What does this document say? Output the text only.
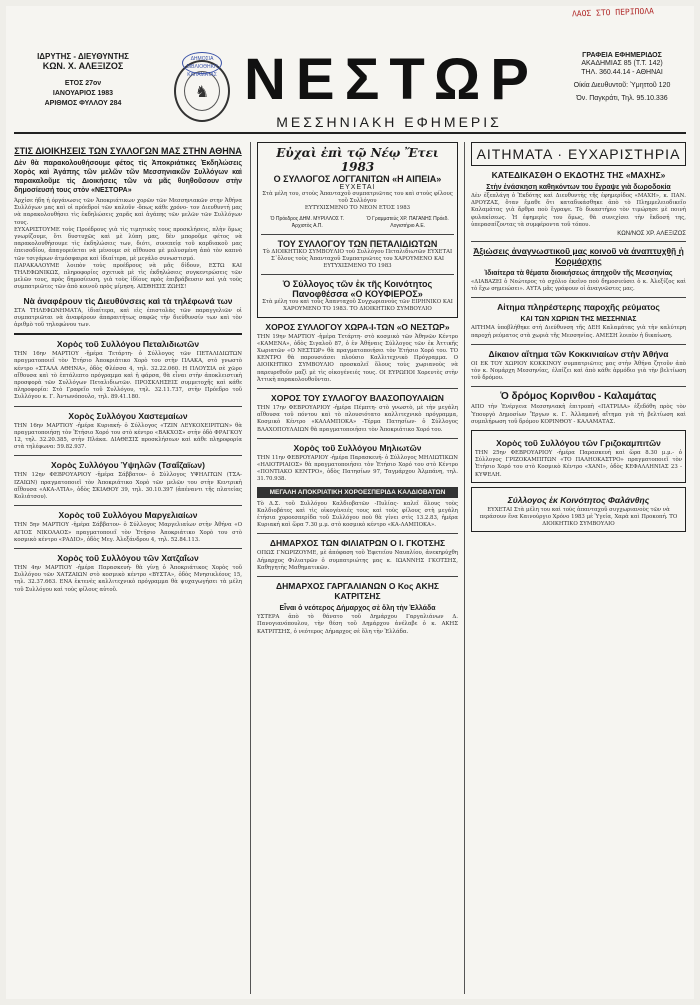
ΛΑΟΣ ΣΤΟ ΠΕΡΙΠΟΛΑ
ΙΔΡΥΤΗΣ - ΔΙΕΥΘΥΝΤΗΣ
ΚΩΝ. Χ. ΑΛΕΞΙΖΟΣ
ΕΤΟΣ 27ον
ΙΑΝΟΥΑΡΙΟΣ 1983
ΑΡΙΘΜΟΣ ΦΥΛΛΟΥ 284
♞
ΔΗΜΟΣΙΑ ΒΙΒΛΙΟΘΗΚΗ ΚΑΛΑΜΑΤΑΣ ΝΕΣΤΩΡ
ΜΕΣΣΗΝΙΑΚΗ ΕΦΗΜΕΡΙΣ
ΓΡΑΦΕΙΑ ΕΦΗΜΕΡΙΔΟΣ
ΑΚΑΔΗΜΙΑΣ 85 (Τ.Τ. 142)
ΤΗΛ. 360.44.14 - ΑΘΗΝΑΙ
Οίκία Διευθυντοῦ: Ὑμηττοῦ 120
Όν. Παγκράτι, Τηλ. 95.10.336
ΣΤΙΣ ΔΙΟΙΚΗΣΕΙΣ ΤΩΝ ΣΥΛΛΟΓΩΝ ΜΑΣ ΣΤΗΝ ΑΘΗΝΑ
Δὲν θὰ παρακολουθήσουμε φέτος τὶς Ἀποκριάτικες Ἐκδηλώσεις Χορὸς καὶ Ἀγάπης τῶν μελῶν τῶν Μεσσηνιακῶν Συλλόγων καὶ παρακαλοῦμε τὶς Διοικήσεις τῶν νὰ μᾶς θυηθοῦσουν στὴν δημοσίευσή τους στὸν «ΝΕΣΤΟΡΑ»

Άρχίσε ήδη ή όργάνωσις τῶν Ἀποκριάτικων χορῶν τῶν Μεσσηνιακῶν στην Ἀθήνα Συλλόγων μας καὶ οἱ πρόεδροί τῶν καλοῦν -ὅπως κάθε χρόνο- τον Διευθυντή μας νὰ παρακολουθήσει τὶς ἐκδηλώσεις χαρᾶς καὶ ἀγάπης τῶν μελῶν τῶν Συλλόγων τους.

ΕΥΧΑΡΙΣΤΟΥΜΕ τοὺς Προέδρους γιὰ τὶς τιμητικὲς τους προσκλήσεις, πλὴν ὅμως γνωρίζουμε, ὅτι δυστυχῶς καὶ μὲ λύπη μας, δὲν μποροῦμε φέτος νὰ παρακολουθήσουμε τὶς ἐκδηλώσεις των, διότι, συνεπείᾳ τοῦ καρδιακοῦ μας ἐπεισοδίου, ἀπαγορεύεται νὰ μένουμε σὲ αἴθουσα μὲ μολυσμένη ἀπὸ τὸν καπνὸ τῶν τσιγάρων ἀτμόσφαιρα καὶ ἰδιαίτερα, μὲ μεγάλο συνωστισμό.

ΠΑΡΑΚΑΛΟΥΜΕ λοιπὸν τοὺς προέδρους νὰ μᾶς δίδουν, ΕΣΤΩ ΚΑΙ ΤΗΛΕΦΩΝΙΚΩΣ, πληροφορίες σχετικὰ μὲ τὶς ἐκδηλώσεις συγκεντρώσεις τῶν μελῶν τους, πρὸς δημοσίευση, γιὰ τοὺς ἰδίους πρὸς ἐπιβράβευσιν καὶ γιὰ τοὺς συμπατριῶτες τῶν ἀπὸ κοινοῦ πρὸς μίμηση. ΑΙΣΘΗΣΙΣ ΖΩΗΣ!

Νὰ ἀναφέρουν τὶς Διευθύνσεις καὶ τὰ τηλέφωνά των

ΣΤΑ ΤΗΛΕΦΩΝΗΜΑΤΑ, ἰδιαίτερα, καὶ εἰς ἐπιστολὰς τῶν παραγγελιῶν οἱ συμπατριῶται νὰ ἀναφέρουν ἀπαραιτήτως σαφῶς τὴν διεύθυνσίν των καὶ τὸν ἀριθμὸ τοῦ τηλεφώνου των.

Χορὸς τοῦ Συλλόγου Πεταλιδιωτῶν

ΤΗΝ 16ην ΜΑΡΤΙΟΥ -ἡμέρα Τετάρτη- ὁ Σύλλογος τῶν ΠΕΤΑΛΙΔΙΩΤΩΝ πραγματοποιεῖ τὸν Ἐτήσιο Ἀποκριάτικο Χορὸ του στὴν ΠΛΑΚΑ, στὸ γνωστὸ κέντρο «ΣΤΑΛΑ ΑΘΗΝΑ», ὁδὸς Φλέσσα 4, τηλ. 32.22.060. Η ΠΛΟΥΣΙΑ σὲ χῶρο αἴθουσα καὶ τὸ ἑπτάλεπτο πρόγραμμα καὶ ἡ φάρσα, θὰ εἶναι στὴν ἀποκλειστικὴ προσφορὰ τῶν Συλλόγων Πεταλιδιωτῶν. ΠΡΟΣΚΛΗΣΕΙΣ συμμετοχῆς καὶ κάθε πληροφορία: Στὸ Γραφεῖο τοῦ Συλλόγου, τηλ. 32.11.737, στὴν Πρόεδρο τοῦ Συλλόγου κ. Γ. Ἀντωνόπουλο, τηλ. 89.41.180.

Χορὸς Συλλόγου Χαστεμαίων

ΤΗΝ 16ην ΜΑΡΤΙΟΥ -ἡμέρα Κυριακή- ὁ Σύλλογος «ΤΖΙΝ ΛΕΥΚΟΧΕΙΡΙΤΩΝ» θὰ πραγματοποιήσῃ τὸν Ἐτήσιο Χορό του στὸ κέντρο «ΒΑΚΧΟΣ» στὴν ὁδὸ ΦΡΑΓΚΟΥ 12, τηλ. 32.20.385, στὴν Πλάκα. ΔΙΑΘΕΣΙΣ προσκλήσεων καὶ κάθε πληροφορία στὰ τηλέφωνα: 59.82.937.

Χορὸς Συλλόγου Ὑψηλῶν (Τσαΐζαϊων)

ΤΗΝ 12ην ΦΕΒΡΟΥΑΡΙΟΥ -ἡμέρα Σάββατον- ὁ Σύλλογος ΥΨΗΛΙΤΩΝ (ΤΣΑ-ΙΖΑΙΩΝ) πραγματοποιεῖ τὸν Ἀποκριάτικο Χορὸ τῶν μελῶν του στὴν Κεντρικὴ αἴθουσα «ΑΚΑ-ΛΤΙΑ», ὁδὸς ΣΚΙΑΘΟΥ 39, τηλ. 30.10.397 (ἀπέναντι τῆς πλατείας Κολιάτσου).

Χορὸς τοῦ Συλλόγου Μαργελιαίων

ΤΗΝ 5ην ΜΑΡΤΙΟΥ -ἡμέρα Σάββατον- ὁ Σύλλογος Μαργελιαίων στὴν Ἀθήνα «Ο ΑΓΙΟΣ ΝΙΚΟΛΑΟΣ» πραγματοποιεῖ τὸν Ἐτήσιο Ἀποκριάτικο Χορὸ του στὸ κοσμικὸ κέντρο «ΡΑΔΙΟ», ὁδὸς Μεγ. Ἀλεξάνδρου 4, τηλ. 52.84.113.

Χορὸς τοῦ Συλλόγου τῶν Χατζαΐων

ΤΗΝ 4ην ΜΑΡΤΙΟΥ -ἡμέρα Παρασκευή- θὰ γίνῃ ὁ Ἀποκριάτικος Χορὸς τοῦ Συλλόγου τῶν ΧΑΤΖΑΙΩΝ στὸ κοσμικὸ κέντρο «ΒΥΣΤΑ», ὁδὸς Μνησικλέους 15, τηλ. 32.37.663. ΕΝΑ ἑκτενὲς καλλιτεχνικὸ πρόγραμμα θὰ ψυχαγωγήσει τὰ μέλη τοῦ Συλλόγου καὶ τοὺς φίλους αὐτοῦ.

Εὐχαὶ ἐπὶ τῷ Νέῳ Ἔτει 1983
Ο ΣΥΛΛΟΓΟΣ ΛΟΓΓΑΝΙΤΩΝ «Η ΑΙΠΕΙΑ»
ΕΥΧΕΤΑΙ

Στὰ μέλη του, στοὺς Ἀπανταχοῦ συμπατριῶτας του καὶ στοὺς φίλους τοῦ Συλλόγου

ΕΥΤΥΧΙΣΜΕΝΟ ΤΟ ΝΕΟΝ ΕΤΟΣ 1983

Ὁ Πρόεδρος ΔΗΜ. ΜΥΡΙΛΛΟΣ Τ. Ἀρχιστὸς Α.Π.
Ὁ Γραμματεύς ΧΡ. ΠΑΓΑΝΗΣ Πρόεδ. Λογιστήριο Α.Ε.
ΤΟΥ ΣΥΛΛΟΓΟΥ ΤΩΝ ΠΕΤΑΛΙΔΙΩΤΩΝ

Τὸ ΔΙΟΙΚΗΤΙΚΟ ΣΥΜΒΟΥΛΙΟ τοῦ Συλλόγου Πεταλιδιωτῶν ΕΥΧΕΤΑΙ Σ᾽ὅλους τοὺς Ἀπανταχοῦ Συμπατριῶτες του ΧΑΡΟΥΜΕΝΟ ΚΑΙ ΕΥΤΥΧΙΣΜΕΝΟ ΤΟ 1983

Ὁ Σύλλογος τῶν ἐκ τῆς Κοινότητος Πανοφθέσσα «Ο ΚΟΥΦΙΕΡΟΣ»

Στὰ μέλη του καὶ τοὺς Ἀπανταχοῦ Συγχωριανοὺς τῶν ΕΙΡΗΝΙΚΟ ΚΑΙ ΧΑΡΟΥΜΕΝΟ ΤΟ 1983. ΤΟ ΔΙΟΙΚΗΤΙΚΟ ΣΥΜΒΟΥΛΙΟ

ΧΟΡΟΣ ΣΥΛΛΟΓΟΥ ΧΩΡΑ-Ι-ΤΩΝ «Ο ΝΕΣΤΩΡ»

ΤΗΝ 19ην ΜΑΡΤΙΟΥ -ἡμέρα Τετάρτη- στὸ κοσμικὸ τῶν Ἀθηνῶν Κέντρο «ΚΑΜΕΝΑ», ὁδὸς Σιγαλοῦ 87, ὁ ἐν Ἀθήναις Σύλλογος τῶν ἐκ Ἀττικῆς Χωριατῶν «Ο ΝΕΣΤΩΡ» θὰ πραγματοποιήσει τὸν Ἐτήσιο Χορό του. ΤΟ ΚΕΝΤΡΟ θὰ παρουσιάσει πλούσιο Καλλιτεχνικὸ Πρόγραμμα. Ο ΔΙΟΙΚΗΤΙΚΟ ΣΥΜΒΟΥΛΙΟ προσκαλεῖ ὅλους τοὺς χωριανοὺς νὰ παρευρεθοῦν μαζὶ μὲ τὶς οἰκογένειές τους. ΟΙ ΕΥΡΩΠΟΙ Χορευτὲς στὴν Ἀττικὴ παρακολουθοῦνται.

ΧΟΡΟΣ ΤΟΥ ΣΥΛΛΟΓΟΥ ΒΛΑΣΟΠΟΥΛΑΙΩΝ

ΤΗΝ 17ην ΦΕΒΡΟΥΑΡΙΟΥ -ἡμέρα Πέμπτη- στὸ γνωστὸ, μὲ τὴν μεγάλη αἴθουσα τοῦ πόντου καὶ τὸ πλουσιότατο καλλιτεχνικὸ πρόγραμμα, Κοσμικὸ Κέντρο «ΚΑΛΑΜΠΟΚΑ» -Τέρμα Πατησίων- ὁ Σύλλογος ΒΛΑΧΟΠΟΥΛΑΙΩΝ θὰ πραγματοποιήσει τὸν Ἀποκριάτικο Χορό του.

Χορὸς τοῦ Συλλόγου Μηλιωτῶν

ΤΗΝ 11ην ΦΕΒΡΟΥΑΡΙΟΥ -ἡμέρα Παρασκευή- ὁ Σύλλογος ΜΗΛΙΩΤΙΚΩΝ «ΗΛΙΟΤΡΙΑΙΟΣ» θὰ πραγματοποιήσει τὸν Ἐτήσιο Χορό του στὸ Κέντρο «ΠΟΝΤΙΑΚΟ ΚΕΝΤΡΟ», ὁδὸς Πατησίων 97, Ταγμάρχου Ἀλμπάνη, τηλ. 31.70.938.

ΜΕΓΑΛΗ ΑΠΟΚΡΙΑΤΙΚΗ ΧΟΡΟΕΣΠΕΡΙΔΑ ΚΑΛΔΙΟΒΑΤΩΝ

Τὸ Δ.Σ. τοῦ Συλλόγου Καλδιοβατῶν -Πυλίας- καλεῖ ὅλους τοὺς Καλδιοβάτες καὶ τὶς οἰκογένειές τους καὶ τοὺς φίλους στὴ μεγάλη ἐτήσια χοροεσπερίδα τοῦ Συλλόγου ποὺ θὰ γίνει στὶς 13.2.83, ἡμέρα Κυριακή καὶ ὥρα 7.30 μ.μ. στὸ κοσμικὸ κέντρο «ΚΑ-ΛΑΜΠΟΚΑ».

ΔΗΜΑΡΧΟΣ ΤΩΝ ΦΙΛΙΑΤΡΩΝ Ο Ι. ΓΚΟΤΣΗΣ

ΟΠΩΣ ΓΝΩΡΙΖΟΥΜΕ, μὲ ἀπόφαση τοῦ Ἐφετείου Ναυπλίου, ἀνεκηρύχθη Δήμαρχος Φιλιατρῶν ὁ συμπατριώτης μας κ. ΙΩΑΝΝΗΣ ΓΚΟΤΣΗΣ, Καθηγητὴς Μαθηματικῶν.

ΔΗΜΑΡΧΟΣ ΓΑΡΓΑΛΙΑΝΩΝ Ο Κος ΑΚΗΣ ΚΑΤΡΙΤΣΗΣ
Εἶναι ὁ νεότερος Δήμαρχος σὲ ὅλη τὴν Ἑλλάδα

ΥΣΤΕΡΑ ἀπὸ τὸ θάνατο τοῦ Δημάρχου Γαργαλιάνων Δ. Πανογιανόπουλου, τὴν θέση τοῦ Δημάρχου ἀνέλαβε ὁ κ. ΑΚΗΣ ΚΑΤΡΙΤΣΗΣ, ὁ νεότερος Δήμαρχος σὲ ὅλη τὴν Ἑλλάδα.

ΑΙΤΗΜΑΤΑ · ΕΥΧΑΡΙΣΤΗΡΙΑ
ΚΑΤΕΔΙΚΑΣΘΗ Ο ΕΚΔΟΤΗΣ ΤΗΣ «ΜΑΧΗΣ»
Στὴν ἐνάσκηση καθηκόντων του ἔγραψε γιὰ δωροδοκία

Δὲν ἐξεπλάγη ὁ Ἐκδότης καὶ Διευθυντὴς τῆς ἐφημερίδος «ΜΑΧΗ», κ. ΠΑΝ. ΔΡΟΥΖΑΣ, ὅταν ἔμαθε ὅτι καταδικάσθηκε ἀπὸ τὸ Πλημμελειοδικεῖο Καλαμάτας γιὰ ἄρθρα ποὺ ἔγραψε. Τὸ δικαστήριο τὸν τιμώρησε μὲ ποινὴ φυλακίσεως. Ἡ ἐφημερὶς του ὅμως, θὰ συνεχίσει τὴν ἔκδοσή της, ὑπερασπίζοντας τὰ συμφέροντα τοῦ τόπου.

ΚΩΝ/ΝΟΣ ΧΡ. ΑΛΕΞΙΖΟΣ
Ἀξιώσεις ἀναγνωστικοῦ μας κοινοῦ νὰ ἀναπτυχθῇ ἡ Κορμάρχης
Ἰδιαίτερα τὰ θέματα διοικήσεως ἀπηχοῦν τῆς Μεσσηνίας

«ΔΙΑΒΑΖΕΙ ὁ Νεώτερος τὸ σχόλιο ἐκεῖνο ποὺ δημοσιεύσει ὁ κ. Ἀλεξίζος καὶ τὸ ἔχω σημειώσει». ΑΥΤΑ μᾶς γράφουν οἱ ἀναγνῶστες μας.

Αἰτημα πληρέστερης παροχῆς ρεύματος
ΚΑΙ ΤΩΝ ΧΩΡΙΩΝ ΤΗΣ ΜΕΣΣΗΝΙΑΣ

ΑΙΤΗΜΑ ὑποβλήθηκε στὴ Διεύθυνση τῆς ΔΕΗ Καλαμάτας γιὰ τὴν καλύτερη παροχὴ ρεύματος στὰ χωριὰ τῆς Μεσσηνίας. ΑΜΕΣΗ λοιπὸν ἡ δικαίωση.

Δίκαιον αἴτημα τῶν Κοκκινιαίων στὴν Ἀθήνα

ΟΙ ΕΚ ΤΟΥ ΧΩΡΙΟΥ ΚΟΚΚΙΝΟΥ συμπατριῶτες μας στὴν Ἀθήνα ζητοῦν ἀπὸ τὸν κ. Νομάρχη Μεσσηνίας, ἐλπίζει καὶ ἀπὸ κάθε ἁρμόδιο γιὰ τὴν βελτίωση τοῦ δρόμου.

Ὁ δρόμος Κορινθου - Καλαμάτας

ΑΠΟ τὴν Ἐνέργεια Μεσσηνιακὴ ἐπιτροπὴ «ΠΑΤΡΙΔΑ» ἐξεδόθη πρὸς τὸν Ὑπουργὸ Δημοσίων Ἔργων κ. Γ. Ἀλλαμανή αἴτημα γιὰ τὴ βελτίωση καὶ συμπλήρωση τοῦ δρόμου ΚΟΡΙΝΘΟΥ - ΚΑΛΑΜΑΤΑΣ.

Χορὸς τοῦ Συλλόγου τῶν Γριζοκαμπιτῶν

ΤΗΝ 25ην ΦΕΒΡΟΥΑΡΙΟΥ -ἡμέρα Παρασκευή καὶ ὥρα 8.30 μ.μ.- ὁ Σύλλογος ΓΡΙΖΟΚΑΜΠΙΤΩΝ «ΤΟ ΠΑΛΗΟΚΑΣΤΡΟ» πραγματοποιεῖ τὸν Ἐτήσιο Χορό του στὸ Κοσμικὸ Κέντρο «ΧΑΝΙ», ὁδὸς ΚΕΦΑΛΛΗΝΙΑΣ 23 - ΚΥΨΕΛΗ.

Σύλλογος ἐκ Κοινότητος Φαλάνθης

ΕΥΧΕΤΑΙ Στὰ μέλη του καὶ τοὺς ἀπανταχοῦ συγχωριανοὺς τῶν νὰ περάσουν ἕνα Καινούργιο Χρόνο 1983 μὲ Ὑγεία, Χαρὰ καὶ Προκοπή. ΤΟ ΔΙΟΙΚΗΤΙΚΟ ΣΥΜΒΟΥΛΙΟ
